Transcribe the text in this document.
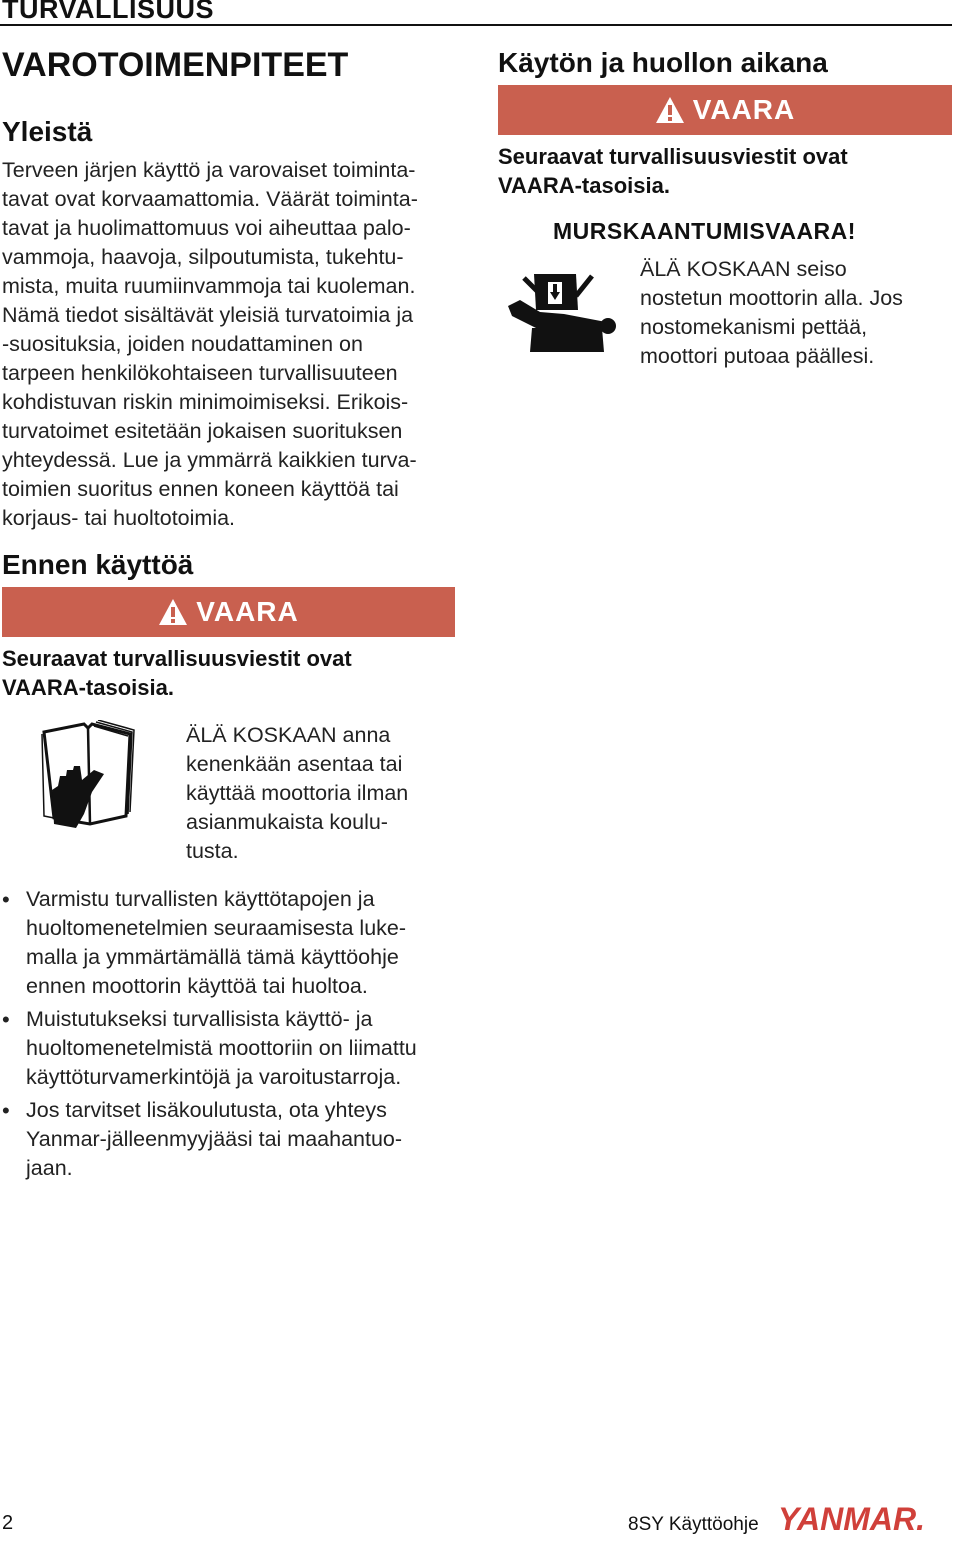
TURVALLISUUS
VAROTOIMENPITEET
Yleistä
Terveen järjen käyttö ja varovaiset toiminta-
tavat ovat korvaamattomia. Väärät toiminta-
tavat ja huolimattomuus voi aiheuttaa palo-
vammoja, haavoja, silpoutumista, tukehtu-
mista, muita ruumiinvammoja tai kuoleman.
Nämä tiedot sisältävät yleisiä turvatoimia ja
-suosituksia, joiden noudattaminen on
tarpeen henkilökohtaiseen turvallisuuteen
kohdistuvan riskin minimoimiseksi. Erikois-
turvatoimet esitetään jokaisen suorituksen
yhteydessä. Lue ja ymmärrä kaikkien turva-
toimien suoritus ennen koneen käyttöä tai
korjaus- tai huoltotoimia.
Ennen käyttöä
VAARA
Seuraavat turvallisuusviestit ovat
VAARA-tasoisia.
ÄLÄ KOSKAAN anna
kenenkään asentaa tai
käyttää moottoria ilman
asianmukaista koulu-
tusta.
• Varmistu turvallisten käyttötapojen ja
huoltomenetelmien seuraamisesta luke-
malla ja ymmärtämällä tämä käyttöohje
ennen moottorin käyttöä tai huoltoa.
• Muistutukseksi turvallisista käyttö- ja
huoltomenetelmistä moottoriin on liimattu
käyttöturvamerkintöjä ja varoitustarroja.
• Jos tarvitset lisäkoulutusta, ota yhteys
Yanmar-jälleenmyyjääsi tai maahantuo-
jaan.
Käytön ja huollon aikana
VAARA
Seuraavat turvallisuusviestit ovat
VAARA-tasoisia.
MURSKAANTUMISVAARA!
ÄLÄ KOSKAAN seiso
nostetun moottorin alla. Jos
nostomekanismi pettää,
moottori putoaa päällesi.
2	8SY Käyttöohje YANMAR.
